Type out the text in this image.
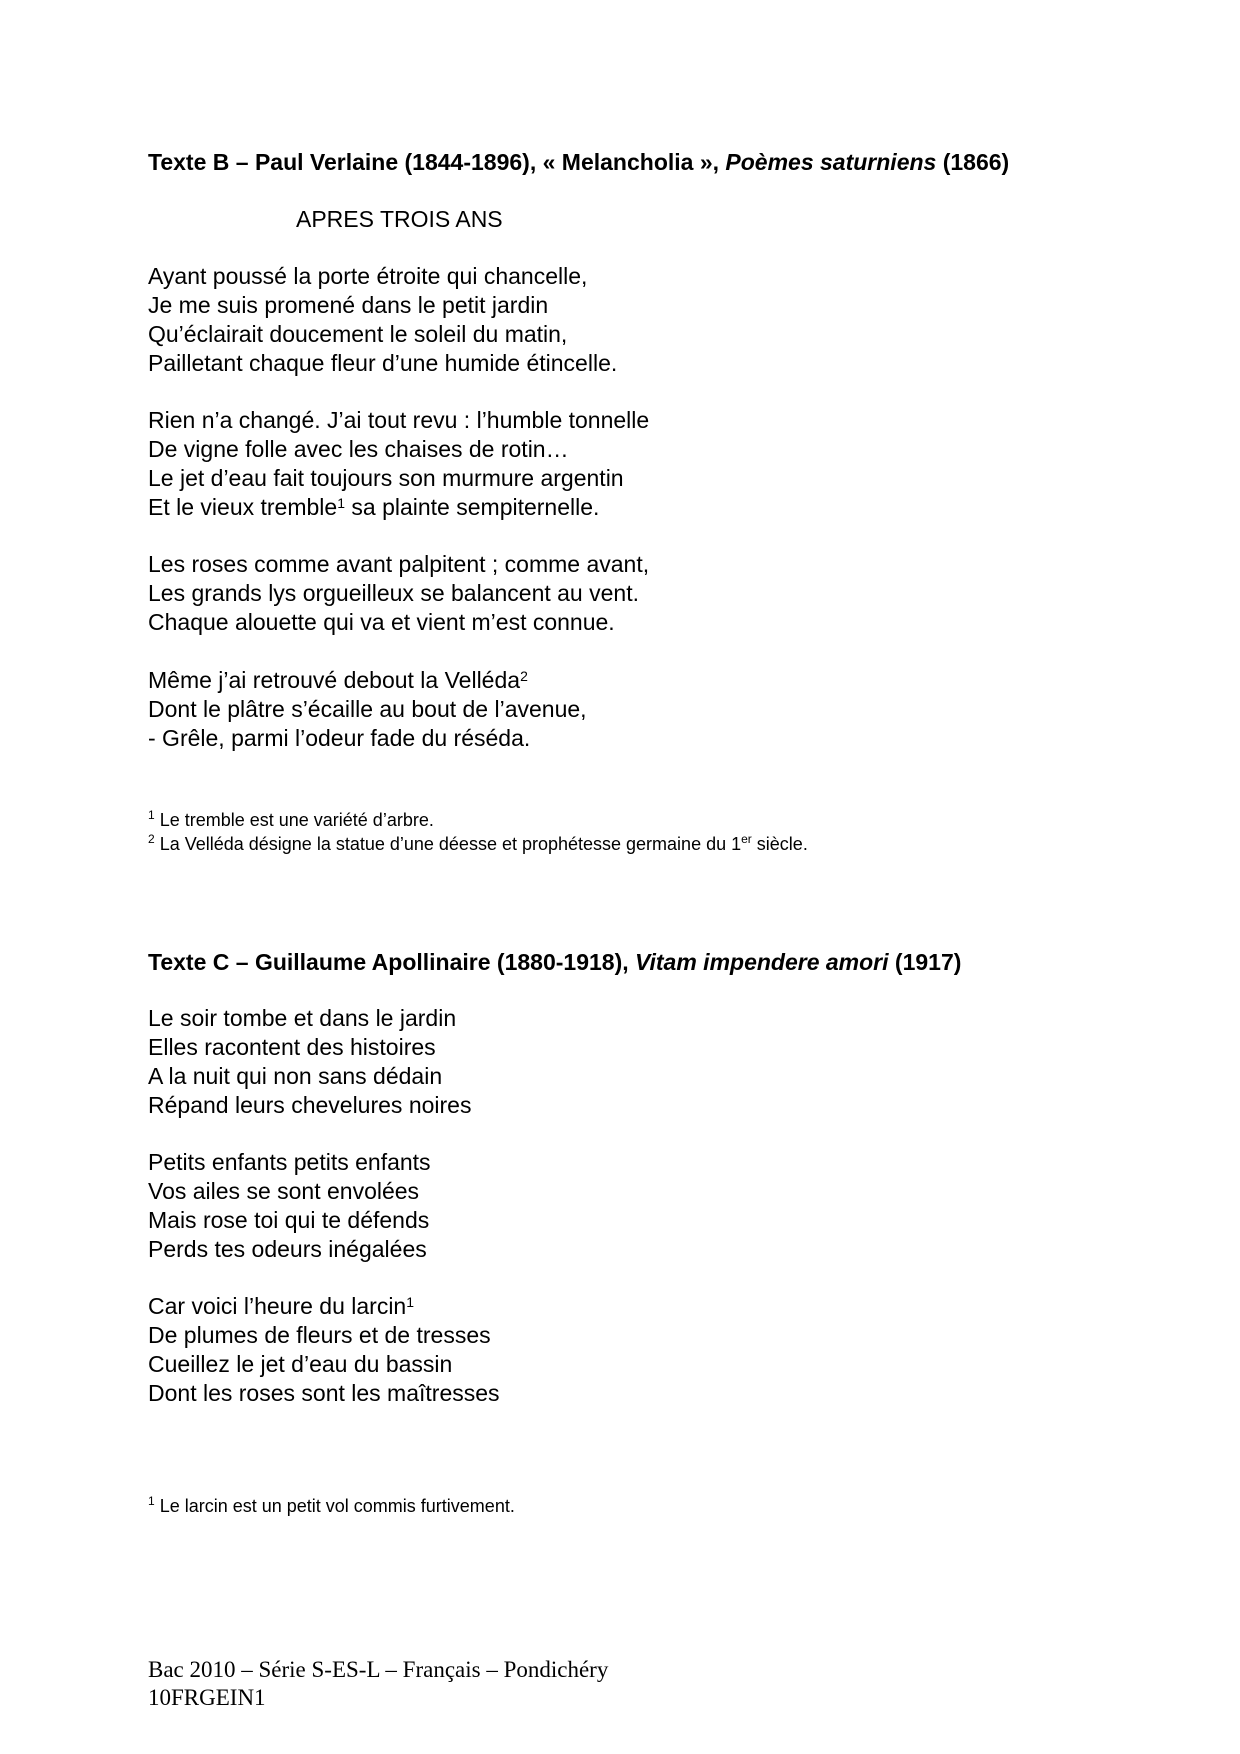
Texte B – Paul Verlaine (1844-1896), « Melancholia », Poèmes saturniens (1866)
APRES TROIS ANS
Ayant poussé la porte étroite qui chancelle,
Je me suis promené dans le petit jardin
Qu’éclairait doucement le soleil du matin,
Pailletant chaque fleur d’une humide étincelle.
Rien n’a changé. J’ai tout revu : l’humble tonnelle
De vigne folle avec les chaises de rotin…
Le jet d’eau fait toujours son murmure argentin
Et le vieux tremble$^1$ sa plainte sempiternelle.
Les roses comme avant palpitent ; comme avant,
Les grands lys orgueilleux se balancent au vent.
Chaque alouette qui va et vient m’est connue.
Même j’ai retrouvé debout la Velléda$^2$
Dont le plâtre s’écaille au bout de l’avenue,
- Grêle, parmi l’odeur fade du réséda.
$^1$ Le tremble est une variété d’arbre.
$^2$ La Velléda désigne la statue d’une déesse et prophétesse germaine du 1er siècle.
Texte C – Guillaume Apollinaire (1880-1918), Vitam impendere amori (1917)
Le soir tombe et dans le jardin
Elles racontent des histoires
A la nuit qui non sans dédain
Répand leurs chevelures noires
Petits enfants petits enfants
Vos ailes se sont envolées
Mais rose toi qui te défends
Perds tes odeurs inégalées
Car voici l’heure du larcin$^1$
De plumes de fleurs et de tresses
Cueillez le jet d’eau du bassin
Dont les roses sont les maîtresses
$^1$ Le larcin est un petit vol commis furtivement.
Bac 2010 – Série S-ES-L – Français – Pondichéry
10FRGEIN1
